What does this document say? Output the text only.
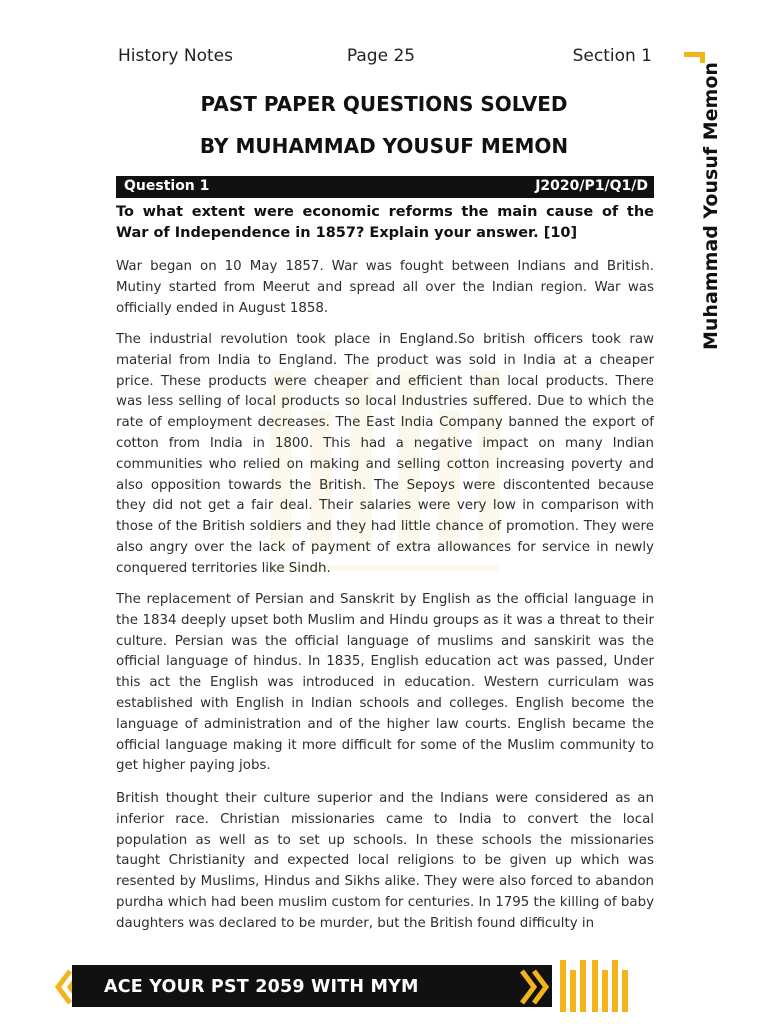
History Notes	Page 25	Section 1
PAST PAPER QUESTIONS SOLVED
BY MUHAMMAD YOUSUF MEMON
Question 1	J2020/P1/Q1/D
To what extent were economic reforms the main cause of the War of Independence in 1857? Explain your answer. [10]

War began on 10 May 1857. War was fought between Indians and British. Mutiny started from Meerut and spread all over the Indian region. War was officially ended in August 1858.

The industrial revolution took place in England.So british officers took raw material from India to England. The product was sold in India at a cheaper price. These products were cheaper and efficient than local products. There was less selling of local products so local Industries suffered. Due to which the rate of employment decreases. The East India Company banned the export of cotton from India in 1800. This had a negative impact on many Indian communities who relied on making and selling cotton increasing poverty and also opposition towards the British. The Sepoys were discontented because they did not get a fair deal. Their salaries were very low in comparison with those of the British soldiers and they had little chance of promotion. They were also angry over the lack of payment of extra allowances for service in newly conquered territories like Sindh.

The replacement of Persian and Sanskrit by English as the official language in the 1834 deeply upset both Muslim and Hindu groups as it was a threat to their culture. Persian was the official language of muslims and sanskirit was the official language of hindus. In 1835, English education act was passed, Under this act the English was introduced in education. Western curriculam was established with English in Indian schools and colleges. English become the language of administration and of the higher law courts. English became the official language making it more difficult for some of the Muslim community to get higher paying jobs.

British thought their culture superior and the Indians were considered as an inferior race. Christian missionaries came to India to convert the local population as well as to set up schools. In these schools the missionaries taught Christianity and expected local religions to be given up which was resented by Muslims, Hindus and Sikhs alike. They were also forced to abandon purdha which had been muslim custom for centuries. In 1795 the killing of baby daughters was declared to be murder, but the British found difficulty in

Muhammad Yousuf Memon
ACE YOUR PST 2059 WITH MYM
